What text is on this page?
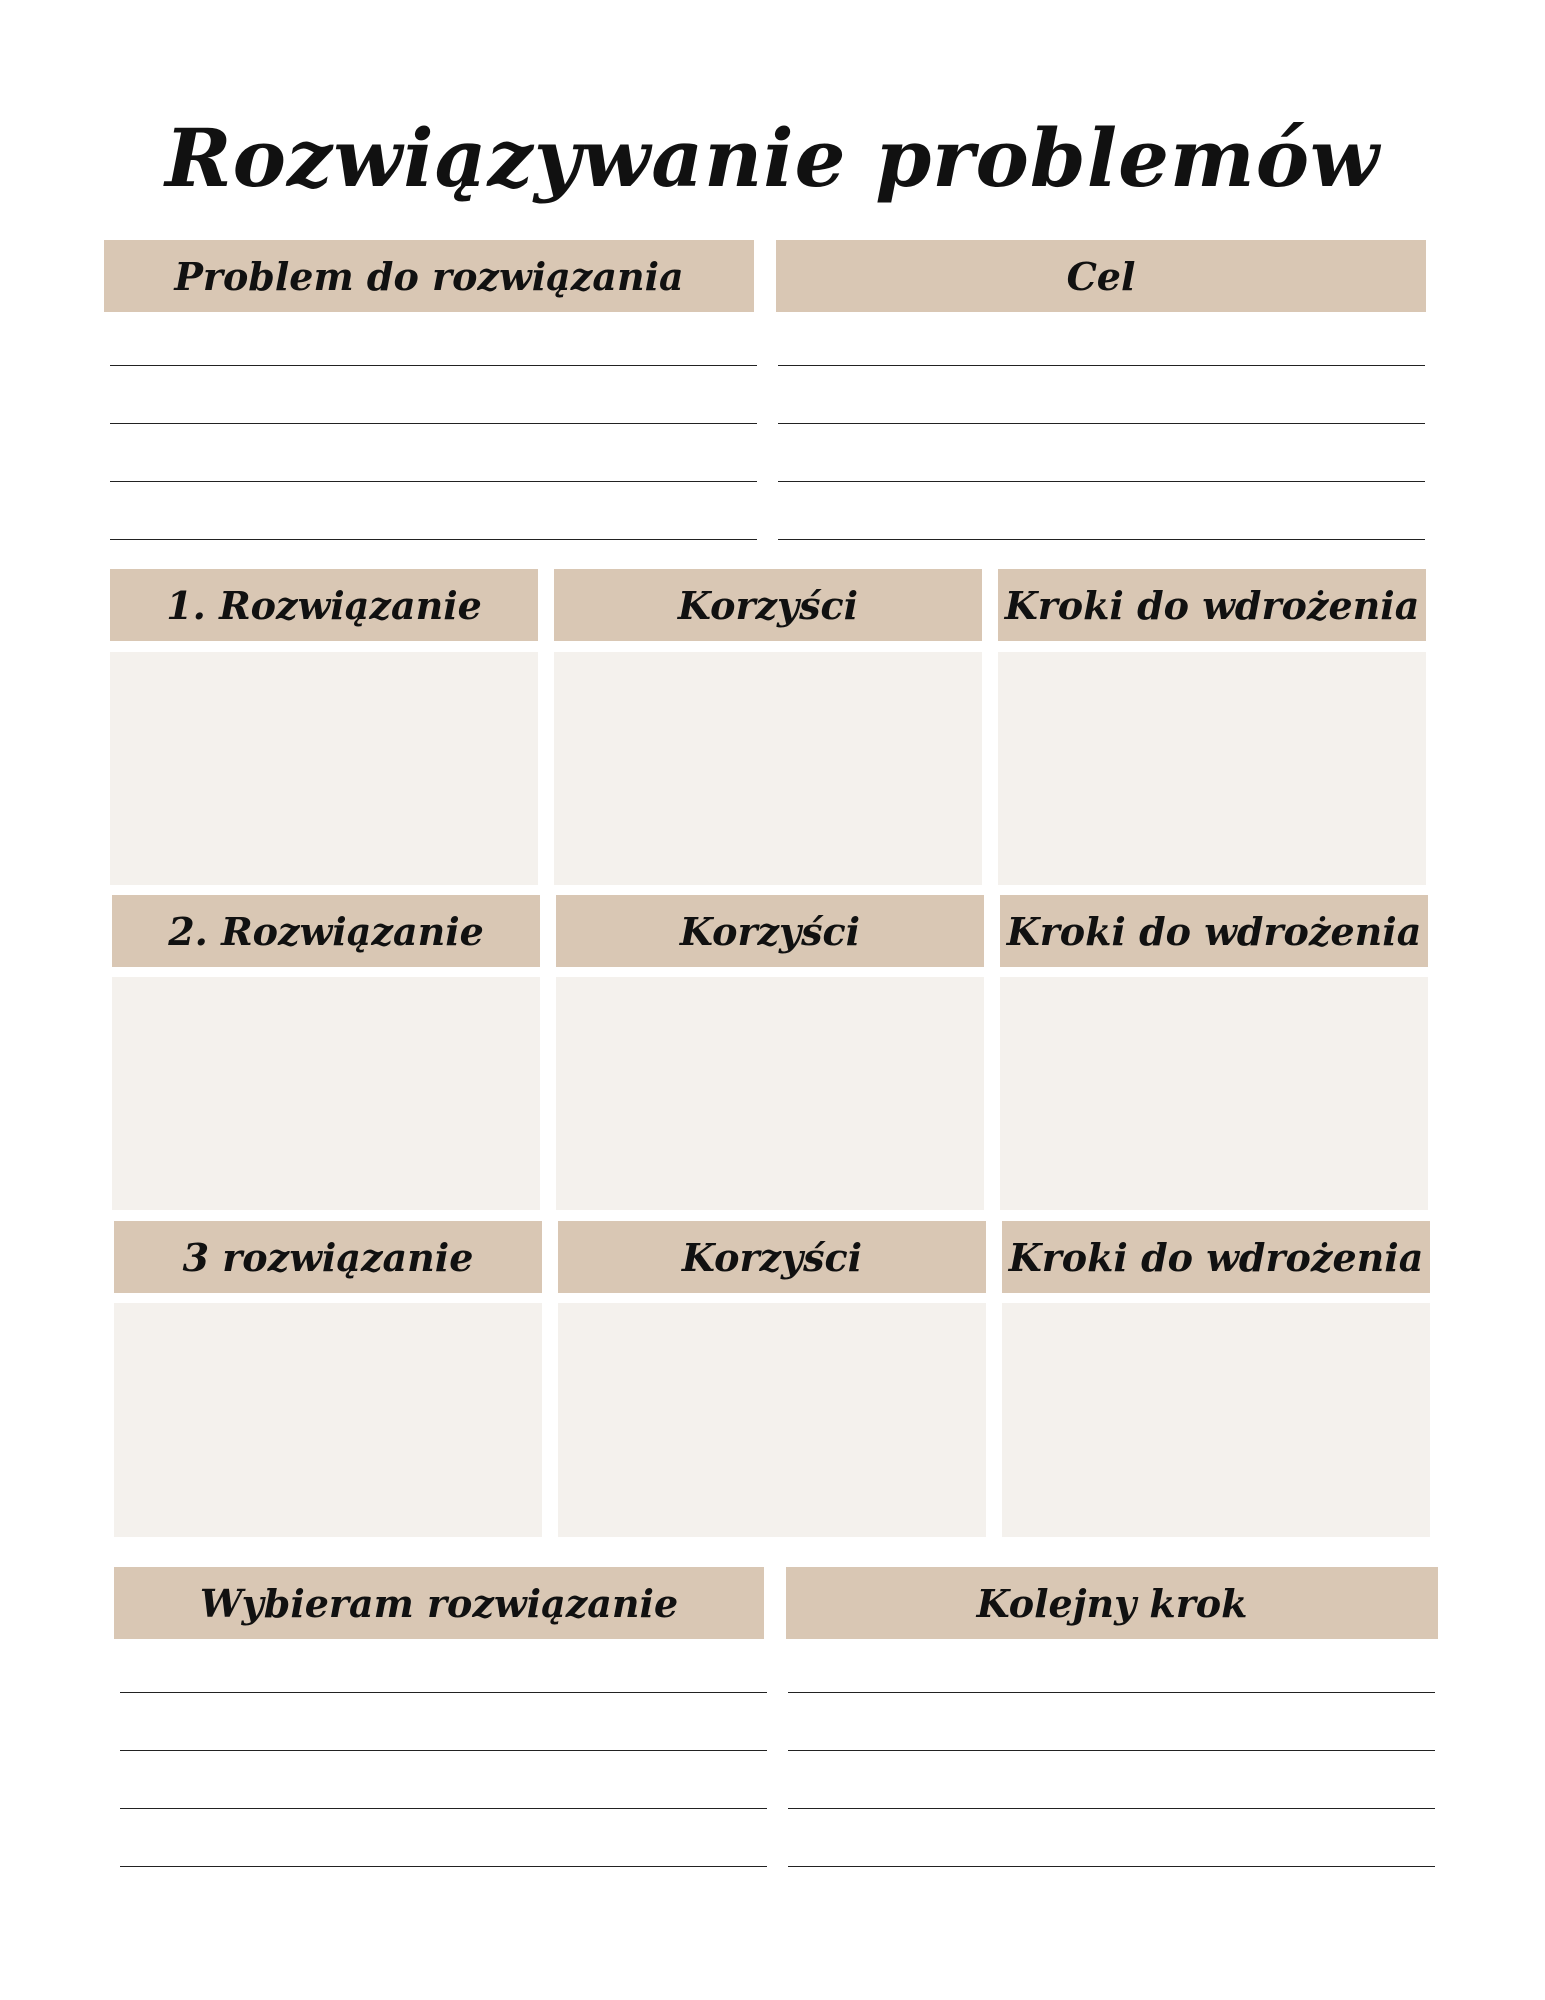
Rozwiązywanie problemów
Problem do rozwiązania	Cel
1. Rozwiązanie	Korzyści	Kroki do wdrożenia
2. Rozwiązanie	Korzyści	Kroki do wdrożenia
3 rozwiązanie	Korzyści	Kroki do wdrożenia
Wybieram rozwiązanie	Kolejny krok
